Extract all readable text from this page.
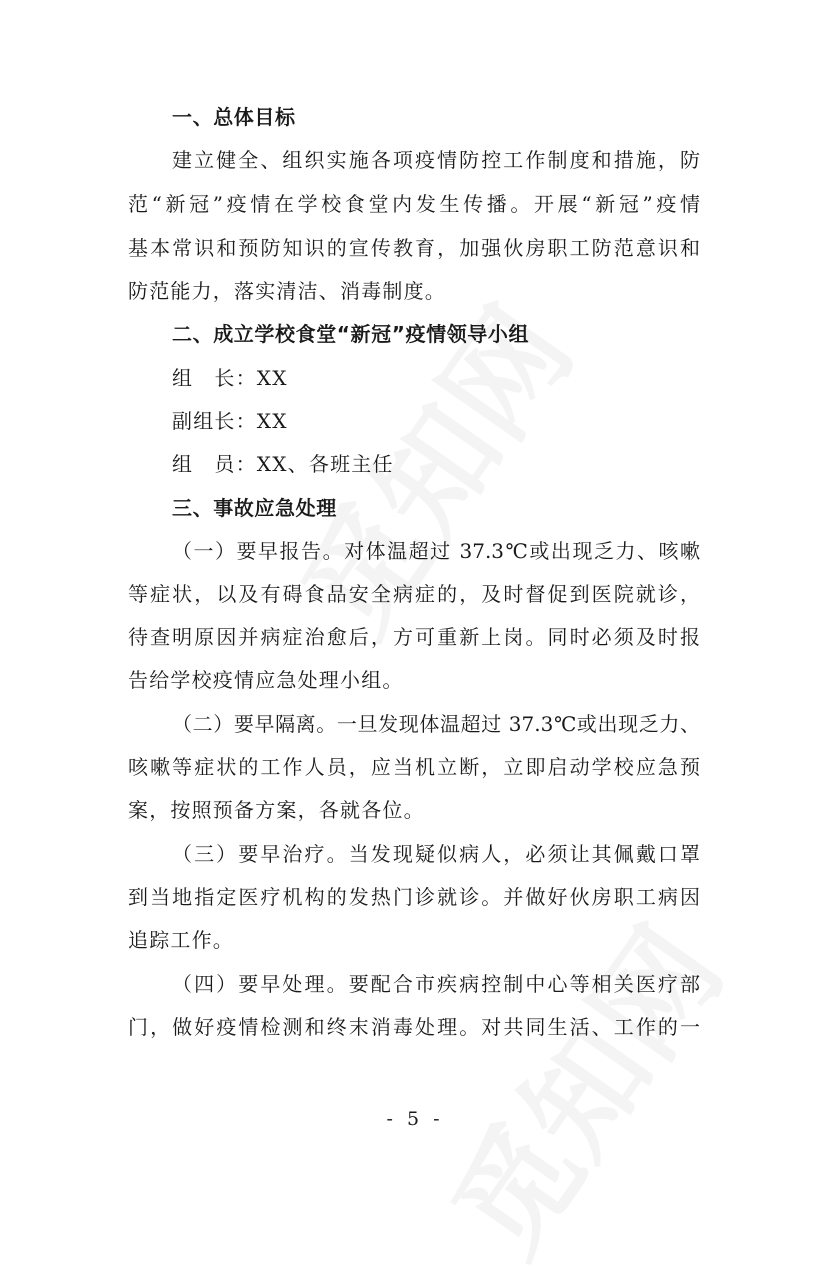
一、总体目标
建立健全、组织实施各项疫情防控工作制度和措施，防
范“新冠”疫情在学校食堂内发生传播。开展“新冠”疫情
基本常识和预防知识的宣传教育，加强伙房职工防范意识和
防范能力，落实清洁、消毒制度。
二、成立学校食堂“新冠”疫情领导小组
组　长：XX
副组长：XX
组　员：XX、各班主任
三、事故应急处理
（一）要早报告。对体温超过 37.3℃或出现乏力、咳嗽
等症状，以及有碍食品安全病症的，及时督促到医院就诊，
待查明原因并病症治愈后，方可重新上岗。同时必须及时报
告给学校疫情应急处理小组。
（二）要早隔离。一旦发现体温超过 37.3℃或出现乏力、
咳嗽等症状的工作人员，应当机立断，立即启动学校应急预
案，按照预备方案，各就各位。
（三）要早治疗。当发现疑似病人，必须让其佩戴口罩
到当地指定医疗机构的发热门诊就诊。并做好伙房职工病因
追踪工作。
（四）要早处理。要配合市疾病控制中心等相关医疗部
门，做好疫情检测和终末消毒处理。对共同生活、工作的一
- 5 -
